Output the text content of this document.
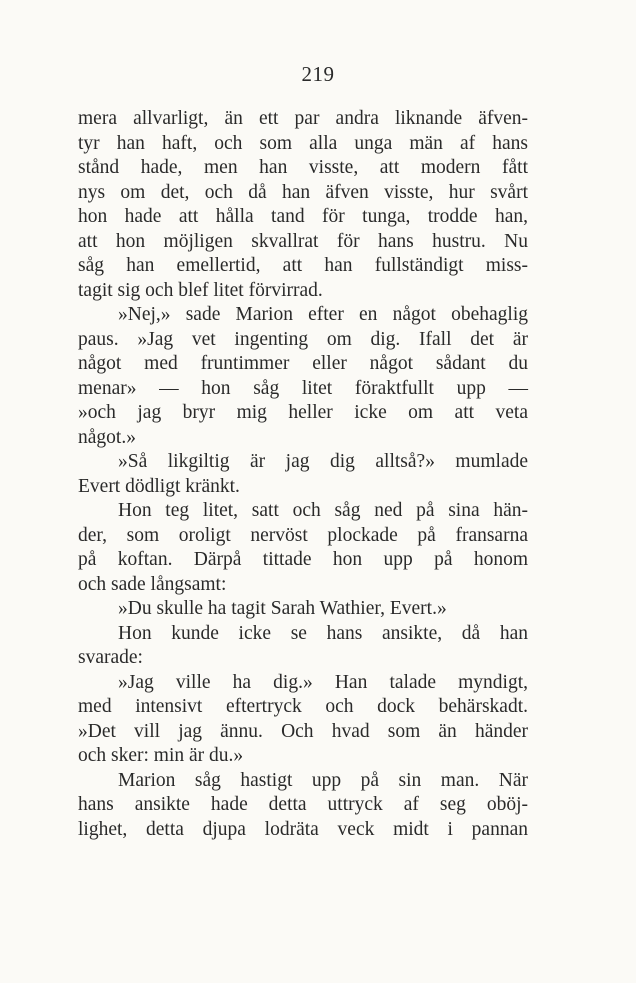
219
mera allvarligt, än ett par andra liknande äfven-
tyr han haft, och som alla unga män af hans
stånd hade, men han visste, att modern fått
nys om det, och då han äfven visste, hur svårt
hon hade att hålla tand för tunga, trodde han,
att hon möjligen skvallrat för hans hustru. Nu
såg han emellertid, att han fullständigt miss-
tagit sig och blef litet förvirrad.
»Nej,» sade Marion efter en något obehaglig
paus. »Jag vet ingenting om dig. Ifall det är
något med fruntimmer eller något sådant du
menar» — hon såg litet föraktfullt upp —
»och jag bryr mig heller icke om att veta
något.»
»Så likgiltig är jag dig alltså?» mumlade
Evert dödligt kränkt.
Hon teg litet, satt och såg ned på sina hän-
der, som oroligt nervöst plockade på fransarna
på koftan. Därpå tittade hon upp på honom
och sade långsamt:
»Du skulle ha tagit Sarah Wathier, Evert.»
Hon kunde icke se hans ansikte, då han
svarade:
»Jag ville ha dig.» Han talade myndigt,
med intensivt eftertryck och dock behärskadt.
»Det vill jag ännu. Och hvad som än händer
och sker: min är du.»
Marion såg hastigt upp på sin man. När
hans ansikte hade detta uttryck af seg oböj-
lighet, detta djupa lodräta veck midt i pannan
